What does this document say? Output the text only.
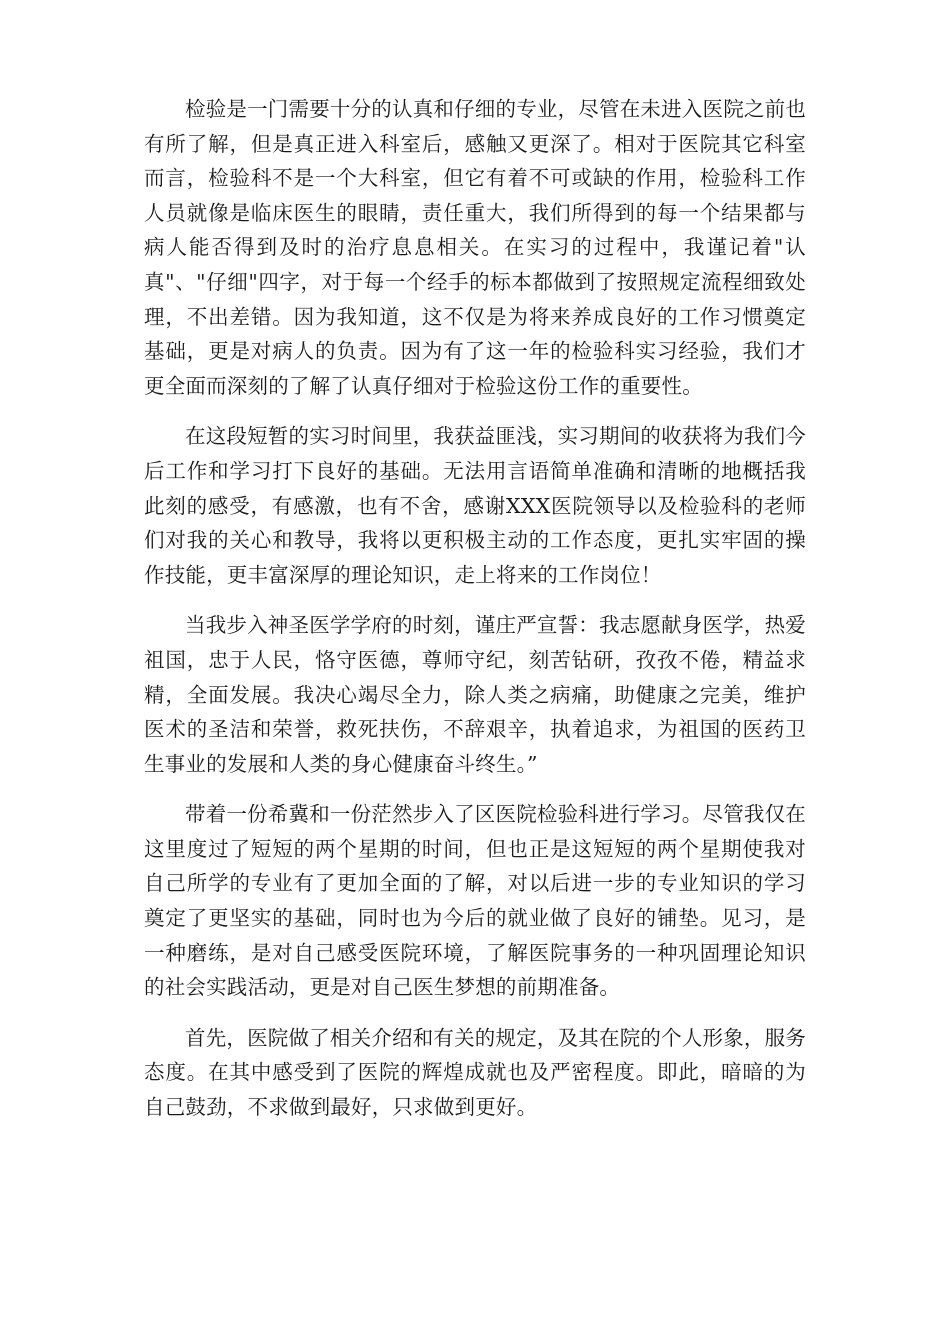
检验是一门需要十分的认真和仔细的专业，尽管在未进入医院之前也有所了解，但是真正进入科室后，感触又更深了。相对于医院其它科室而言，检验科不是一个大科室，但它有着不可或缺的作用，检验科工作人员就像是临床医生的眼睛，责任重大，我们所得到的每一个结果都与病人能否得到及时的治疗息息相关。在实习的过程中，我谨记着"认真"、"仔细"四字，对于每一个经手的标本都做到了按照规定流程细致处理，不出差错。因为我知道，这不仅是为将来养成良好的工作习惯奠定基础，更是对病人的负责。因为有了这一年的检验科实习经验，我们才更全面而深刻的了解了认真仔细对于检验这份工作的重要性。

在这段短暂的实习时间里，我获益匪浅，实习期间的收获将为我们今后工作和学习打下良好的基础。无法用言语简单准确和清晰的地概括我此刻的感受，有感激，也有不舍，感谢XXX医院领导以及检验科的老师们对我的关心和教导，我将以更积极主动的工作态度，更扎实牢固的操作技能，更丰富深厚的理论知识，走上将来的工作岗位！

当我步入神圣医学学府的时刻，谨庄严宣誓：我志愿献身医学，热爱祖国，忠于人民，恪守医德，尊师守纪，刻苦钻研，孜孜不倦，精益求精，全面发展。我决心竭尽全力，除人类之病痛，助健康之完美，维护医术的圣洁和荣誉，救死扶伤，不辞艰辛，执着追求，为祖国的医药卫生事业的发展和人类的身心健康奋斗终生。”

带着一份希冀和一份茫然步入了区医院检验科进行学习。尽管我仅在这里度过了短短的两个星期的时间，但也正是这短短的两个星期使我对自己所学的专业有了更加全面的了解，对以后进一步的专业知识的学习奠定了更坚实的基础，同时也为今后的就业做了良好的铺垫。见习，是一种磨练，是对自己感受医院环境，了解医院事务的一种巩固理论知识的社会实践活动，更是对自己医生梦想的前期准备。

首先，医院做了相关介绍和有关的规定，及其在院的个人形象，服务态度。在其中感受到了医院的辉煌成就也及严密程度。即此，暗暗的为自己鼓劲，不求做到最好，只求做到更好。
